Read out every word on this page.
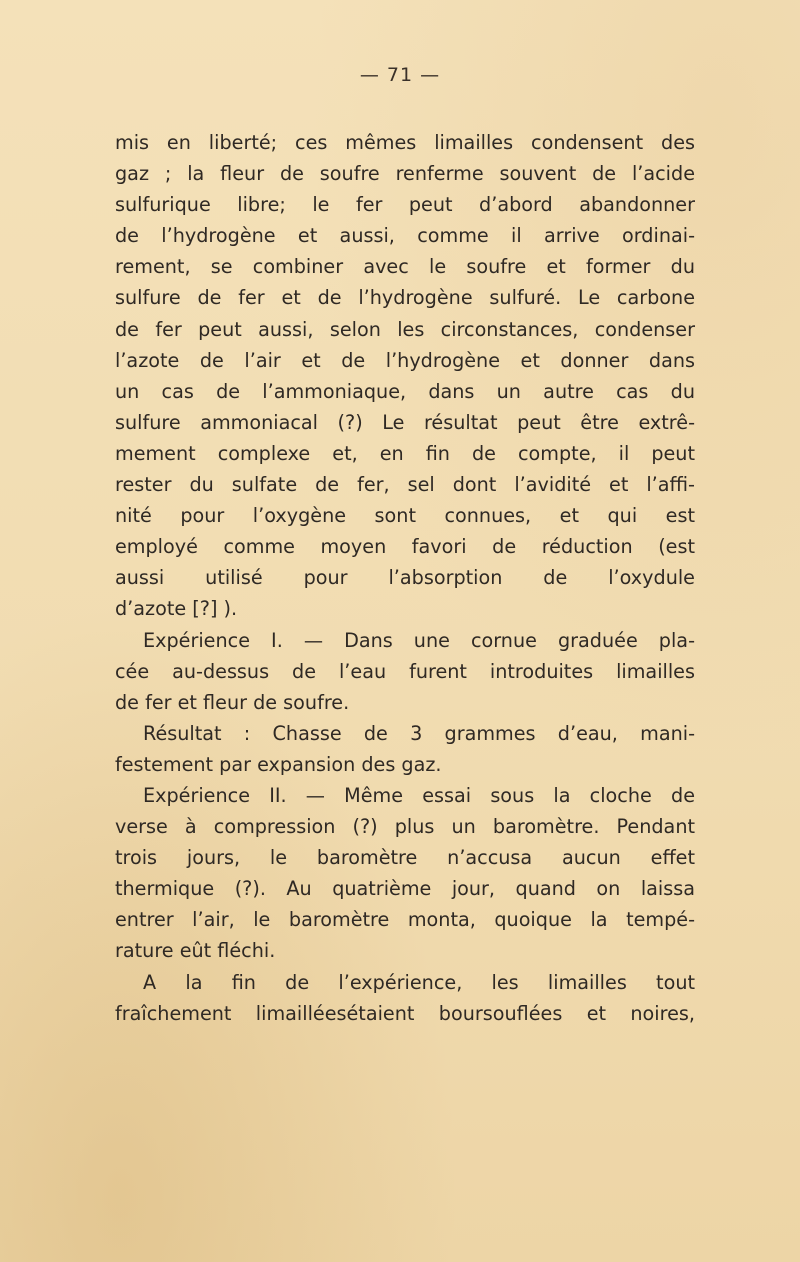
— 71 —
mis en liberté; ces mêmes limailles condensent des
gaz ; la fleur de soufre renferme souvent de l’acide
sulfurique libre; le fer peut d’abord abandonner
de l’hydrogène et aussi, comme il arrive ordinai-
rement, se combiner avec le soufre et former du
sulfure de fer et de l’hydrogène sulfuré. Le carbone
de fer peut aussi, selon les circonstances, condenser
l’azote de l’air et de l’hydrogène et donner dans
un cas de l’ammoniaque, dans un autre cas du
sulfure ammoniacal (?) Le résultat peut être extrê-
mement complexe et, en fin de compte, il peut
rester du sulfate de fer, sel dont l’avidité et l’affi-
nité pour l’oxygène sont connues, et qui est
employé comme moyen favori de réduction (est
aussi utilisé pour l’absorption de l’oxydule
d’azote [?] ).
Expérience I. — Dans une cornue graduée pla-
cée au-dessus de l’eau furent introduites limailles
de fer et fleur de soufre.
Résultat : Chasse de 3 grammes d’eau, mani-
festement par expansion des gaz.
Expérience II. — Même essai sous la cloche de
verse à compression (?) plus un baromètre. Pendant
trois jours, le baromètre n’accusa aucun effet
thermique (?). Au quatrième jour, quand on laissa
entrer l’air, le baromètre monta, quoique la tempé-
rature eût fléchi.
A la fin de l’expérience, les limailles tout
fraîchement limailléesétaient boursouflées et noires,
